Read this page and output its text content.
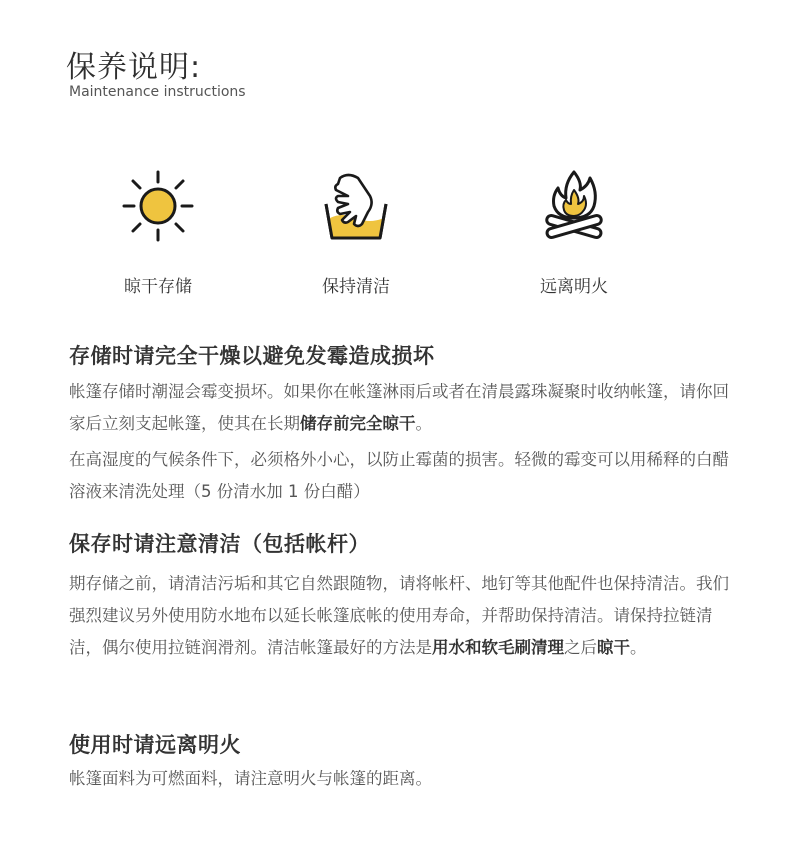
保养说明:
Maintenance instructions
晾干存储	保持清洁	远离明火
存储时请完全干燥以避免发霉造成损坏

帐篷存储时潮湿会霉变损坏。如果你在帐篷淋雨后或者在清晨露珠凝聚时收纳帐篷，请你回家后立刻支起帐篷，使其在长期储存前完全晾干。

在高湿度的气候条件下，必须格外小心，以防止霉菌的损害。轻微的霉变可以用稀释的白醋溶液来清洗处理（5 份清水加 1 份白醋）

保存时请注意清洁（包括帐杆）

期存储之前，请清洁污垢和其它自然跟随物，请将帐杆、地钉等其他配件也保持清洁。我们强烈建议另外使用防水地布以延长帐篷底帐的使用寿命，并帮助保持清洁。请保持拉链清洁，偶尔使用拉链润滑剂。清洁帐篷最好的方法是用水和软毛刷清理之后晾干。

使用时请远离明火

帐篷面料为可燃面料，请注意明火与帐篷的距离。
